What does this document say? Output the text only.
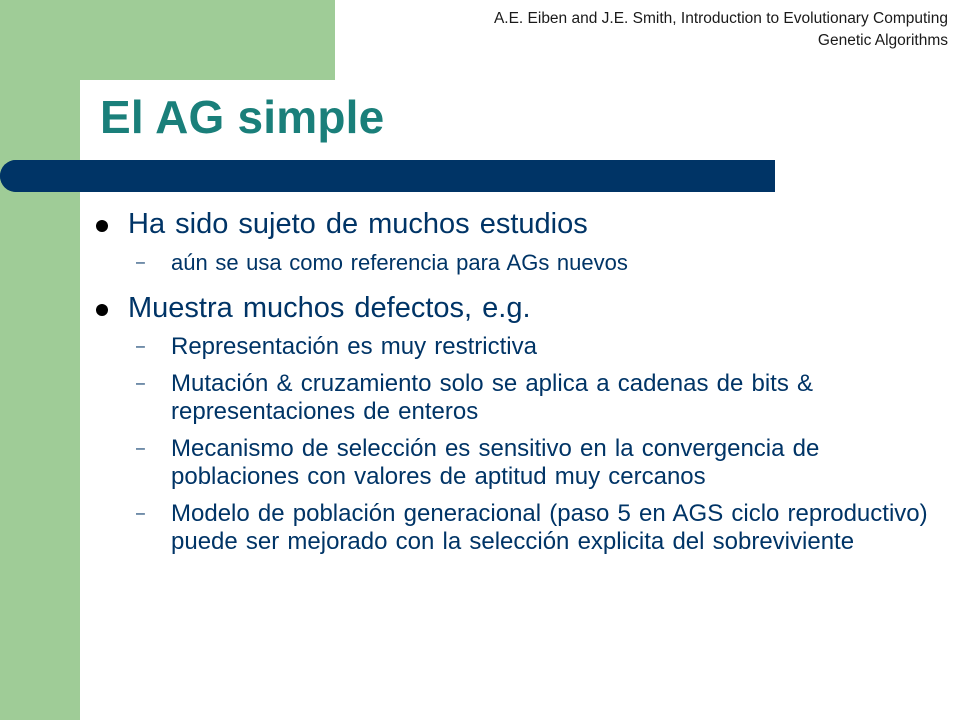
A.E. Eiben and J.E. Smith, Introduction to Evolutionary Computing
Genetic Algorithms
El AG simple
Ha sido sujeto de muchos estudios
– aún se usa como referencia para AGs nuevos
Muestra muchos defectos, e.g.
– Representación es muy restrictiva
– Mutación & cruzamiento solo se aplica a cadenas de bits & representaciones de enteros
– Mecanismo de selección es sensitivo en la convergencia de poblaciones con valores de aptitud muy cercanos
– Modelo de población generacional (paso 5 en AGS ciclo reproductivo) puede ser mejorado con la selección explicita del sobreviviente
